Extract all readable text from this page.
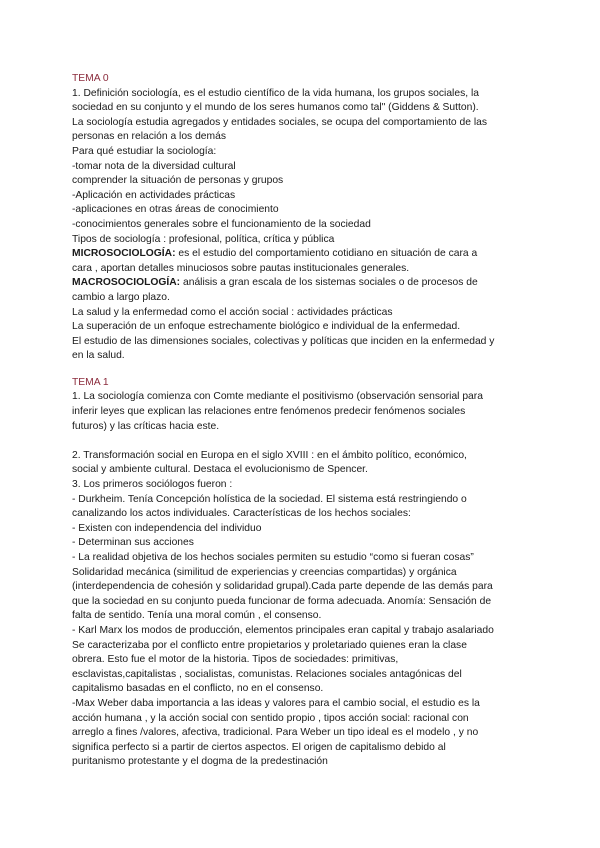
TEMA 0
1. Definición sociología, es el estudio científico de la vida humana, los grupos sociales, la
sociedad en su conjunto y el mundo de los seres humanos como tal" (Giddens & Sutton).
La sociología estudia agregados y entidades sociales, se ocupa del comportamiento de las
personas en relación a los demás
Para qué estudiar la sociología:
-tomar nota de la diversidad cultural
comprender la situación de personas y grupos
-Aplicación en actividades prácticas
-aplicaciones en otras áreas de conocimiento
-conocimientos generales sobre el funcionamiento de la sociedad
Tipos de sociología : profesional, política, crítica y pública
MICROSOCIOLOGÍA: es el estudio del comportamiento cotidiano en situación de cara a
cara , aportan detalles minuciosos sobre pautas institucionales generales.
MACROSOCIOLOGÍA: análisis a gran escala de los sistemas sociales o de procesos de
cambio a largo plazo.
La salud y la enfermedad como el acción social : actividades prácticas
La superación de un enfoque estrechamente biológico e individual de la enfermedad.
El estudio de las dimensiones sociales, colectivas y políticas que inciden en la enfermedad y
en la salud.
TEMA 1
1. La sociología comienza con Comte mediante el positivismo (observación sensorial para
inferir leyes que explican las relaciones entre fenómenos predecir fenómenos sociales
futuros) y las críticas hacia este.
2. Transformación social en Europa en el siglo XVIII : en el ámbito político, económico,
social y ambiente cultural. Destaca el evolucionismo de Spencer.
3. Los primeros sociólogos fueron :
- Durkheim. Tenía Concepción holística de la sociedad. El sistema está restringiendo o
canalizando los actos individuales. Características de los hechos sociales:
- Existen con independencia del individuo
- Determinan sus acciones
- La realidad objetiva de los hechos sociales permiten su estudio “como si fueran cosas”
Solidaridad mecánica (similitud de experiencias y creencias compartidas) y orgánica
(interdependencia de cohesión y solidaridad grupal).Cada parte depende de las demás para
que la sociedad en su conjunto pueda funcionar de forma adecuada. Anomía: Sensación de
falta de sentido. Tenía una moral común , el consenso.
- Karl Marx los modos de producción, elementos principales eran capital y trabajo asalariado
Se caracterizaba por el conflicto entre propietarios y proletariado quienes eran la clase
obrera. Esto fue el motor de la historia. Tipos de sociedades: primitivas,
esclavistas,capitalistas , socialistas, comunistas. Relaciones sociales antagónicas del
capitalismo basadas en el conflicto, no en el consenso.
-Max Weber daba importancia a las ideas y valores para el cambio social, el estudio es la
acción humana , y la acción social con sentido propio , tipos acción social: racional con
arreglo a fines /valores, afectiva, tradicional. Para Weber un tipo ideal es el modelo , y no
significa perfecto si a partir de ciertos aspectos. El origen de capitalismo debido al
puritanismo protestante y el dogma de la predestinación
